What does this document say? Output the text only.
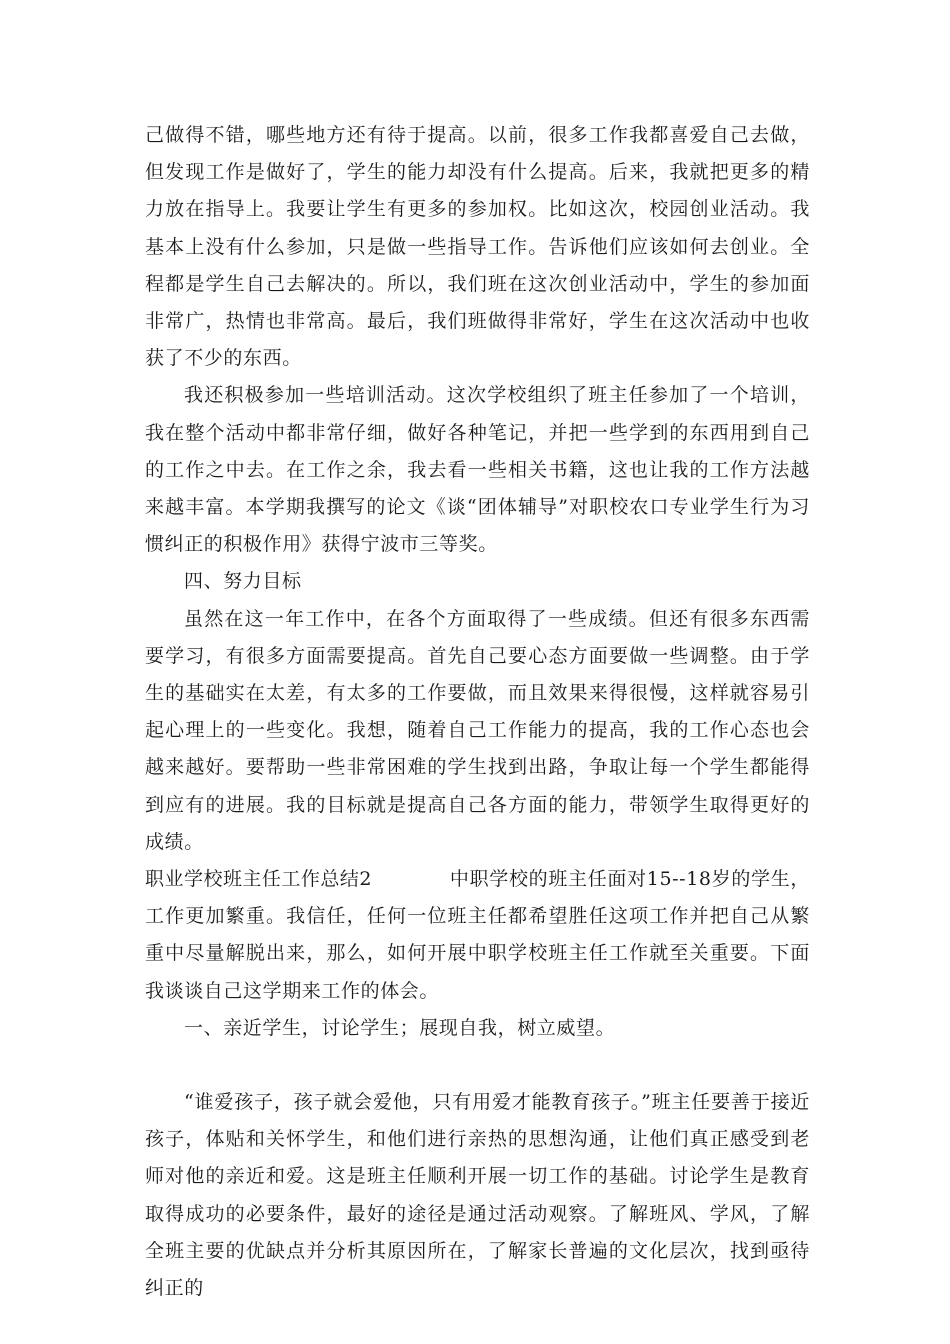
己做得不错，哪些地方还有待于提高。以前，很多工作我都喜爱自己去做，但发现工作是做好了，学生的能力却没有什么提高。后来，我就把更多的精力放在指导上。我要让学生有更多的参加权。比如这次，校园创业活动。我基本上没有什么参加，只是做一些指导工作。告诉他们应该如何去创业。全程都是学生自己去解决的。所以，我们班在这次创业活动中，学生的参加面非常广，热情也非常高。最后，我们班做得非常好，学生在这次活动中也收获了不少的东西。

我还积极参加一些培训活动。这次学校组织了班主任参加了一个培训，我在整个活动中都非常仔细，做好各种笔记，并把一些学到的东西用到自己的工作之中去。在工作之余，我去看一些相关书籍，这也让我的工作方法越来越丰富。本学期我撰写的论文《谈“团体辅导”对职校农口专业学生行为习惯纠正的积极作用》获得宁波市三等奖。

四、努力目标

虽然在这一年工作中，在各个方面取得了一些成绩。但还有很多东西需要学习，有很多方面需要提高。首先自己要心态方面要做一些调整。由于学生的基础实在太差，有太多的工作要做，而且效果来得很慢，这样就容易引起心理上的一些变化。我想，随着自己工作能力的提高，我的工作心态也会越来越好。要帮助一些非常困难的学生找到出路，争取让每一个学生都能得到应有的进展。我的目标就是提高自己各方面的能力，带领学生取得更好的成绩。

职业学校班主任工作总结2	中职学校的班主任面对15--18岁的学生，工作更加繁重。我信任，任何一位班主任都希望胜任这项工作并把自己从繁重中尽量解脱出来，那么，如何开展中职学校班主任工作就至关重要。下面我谈谈自己这学期来工作的体会。

一、亲近学生，讨论学生；展现自我，树立威望。

“谁爱孩子，孩子就会爱他，只有用爱才能教育孩子。”班主任要善于接近孩子，体贴和关怀学生，和他们进行亲热的思想沟通，让他们真正感受到老师对他的亲近和爱。这是班主任顺利开展一切工作的基础。讨论学生是教育取得成功的必要条件，最好的途径是通过活动观察。了解班风、学风，了解全班主要的优缺点并分析其原因所在，了解家长普遍的文化层次，找到亟待纠正的
